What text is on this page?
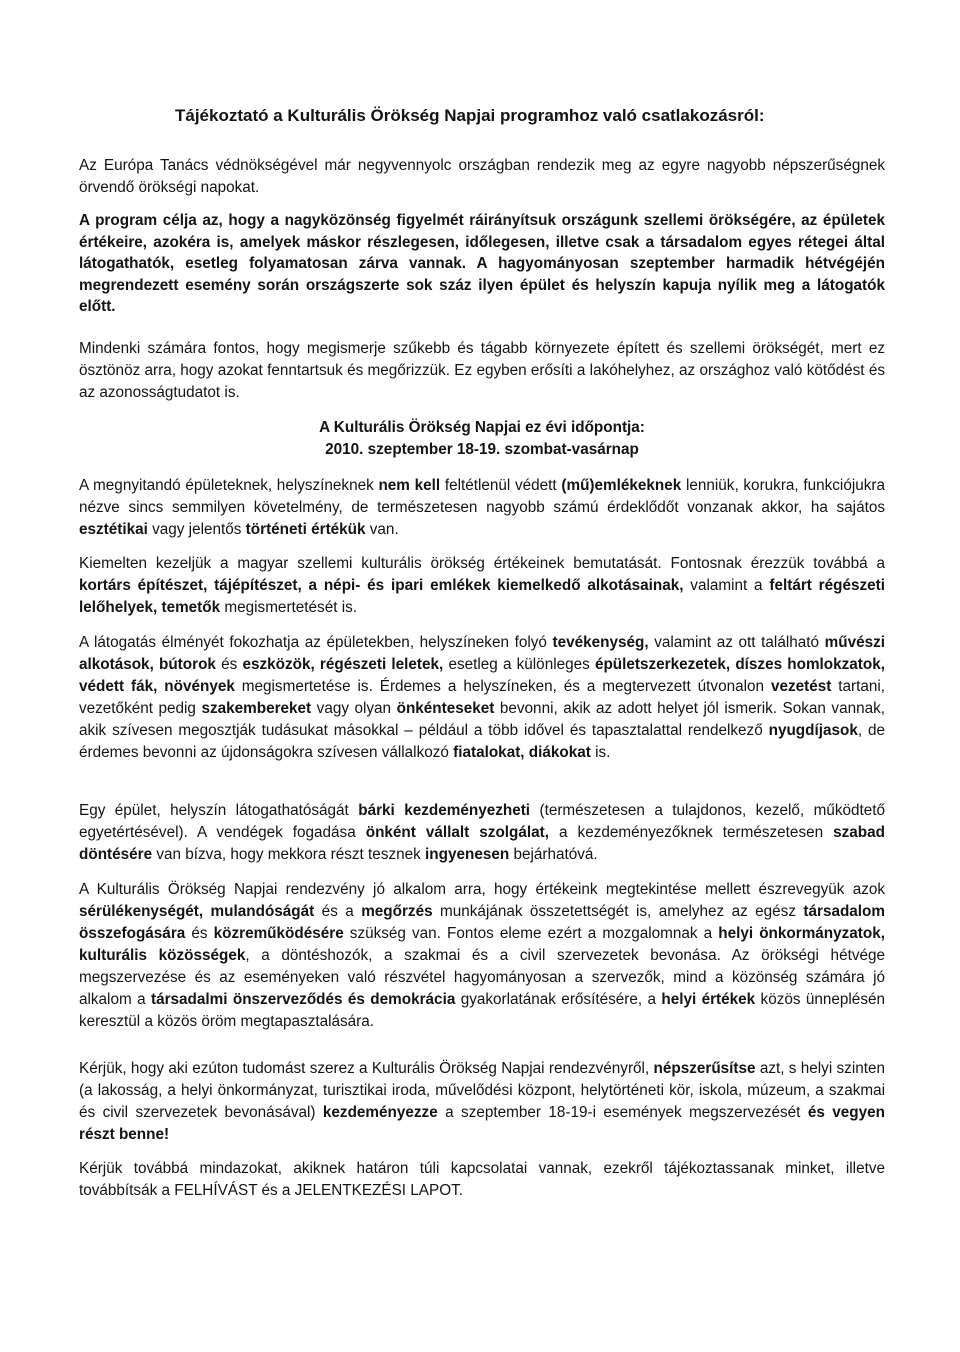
Tájékoztató a Kulturális Örökség Napjai programhoz való csatlakozásról:

Az Európa Tanács védnökségével már negyvennyolc országban rendezik meg az egyre nagyobb népszerűségnek örvendő örökségi napokat.

A program célja az, hogy a nagyközönség figyelmét ráirányítsuk országunk szellemi örökségére, az épületek értékeire, azokéra is, amelyek máskor részlegesen, időlegesen, illetve csak a társadalom egyes rétegei által látogathatók, esetleg folyamatosan zárva vannak. A hagyományosan szeptember harmadik hétvégéjén megrendezett esemény során országszerte sok száz ilyen épület és helyszín kapuja nyílik meg a látogatók előtt.

Mindenki számára fontos, hogy megismerje szűkebb és tágabb környezete épített és szellemi örökségét, mert ez ösztönöz arra, hogy azokat fenntartsuk és megőrizzük. Ez egyben erősíti a lakóhelyhez, az országhoz való kötődést és az azonosságtudatot is.

A Kulturális Örökség Napjai ez évi időpontja:
2010. szeptember 18-19. szombat-vasárnap

A megnyitandó épületeknek, helyszíneknek nem kell feltétlenül védett (mű)emlékeknek lenniük, korukra, funkciójukra nézve sincs semmilyen követelmény, de természetesen nagyobb számú érdeklődőt vonzanak akkor, ha sajátos esztétikai vagy jelentős történeti értékük van.

Kiemelten kezeljük a magyar szellemi kulturális örökség értékeinek bemutatását. Fontosnak érezzük továbbá a kortárs építészet, tájépítészet, a népi- és ipari emlékek kiemelkedő alkotásainak, valamint a feltárt régészeti lelőhelyek, temetők megismertetését is.

A látogatás élményét fokozhatja az épületekben, helyszíneken folyó tevékenység, valamint az ott található művészi alkotások, bútorok és eszközök, régészeti leletek, esetleg a különleges épületszerkezetek, díszes homlokzatok, védett fák, növények megismertetése is. Érdemes a helyszíneken, és a megtervezett útvonalon vezetést tartani, vezetőként pedig szakembereket vagy olyan önkénteseket bevonni, akik az adott helyet jól ismerik. Sokan vannak, akik szívesen megosztják tudásukat másokkal – például a több idővel és tapasztalattal rendelkező nyugdíjasok, de érdemes bevonni az újdonságokra szívesen vállalkozó fiatalokat, diákokat is.

Egy épület, helyszín látogathatóságát bárki kezdeményezheti (természetesen a tulajdonos, kezelő, működtető egyetértésével). A vendégek fogadása önként vállalt szolgálat, a kezdeményezőknek természetesen szabad döntésére van bízva, hogy mekkora részt tesznek ingyenesen bejárhatóvá.

A Kulturális Örökség Napjai rendezvény jó alkalom arra, hogy értékeink megtekintése mellett észrevegyük azok sérülékenységét, mulandóságát és a megőrzés munkájának összetettségét is, amelyhez az egész társadalom összefogására és közreműködésére szükség van. Fontos eleme ezért a mozgalomnak a helyi önkormányzatok, kulturális közösségek, a döntéshozók, a szakmai és a civil szervezetek bevonása. Az örökségi hétvége megszervezése és az eseményeken való részvétel hagyományosan a szervezők, mind a közönség számára jó alkalom a társadalmi önszerveződés és demokrácia gyakorlatának erősítésére, a helyi értékek közös ünneplésén keresztül a közös öröm megtapasztalására.

Kérjük, hogy aki ezúton tudomást szerez a Kulturális Örökség Napjai rendezvényről, népszerűsítse azt, s helyi szinten (a lakosság, a helyi önkormányzat, turisztikai iroda, művelődési központ, helytörténeti kör, iskola, múzeum, a szakmai és civil szervezetek bevonásával) kezdeményezze a szeptember 18-19-i események megszervezését és vegyen részt benne!

Kérjük továbbá mindazokat, akiknek határon túli kapcsolatai vannak, ezekről tájékoztassanak minket, illetve továbbítsák a FELHÍVÁST és a JELENTKEZÉSI LAPOT.
